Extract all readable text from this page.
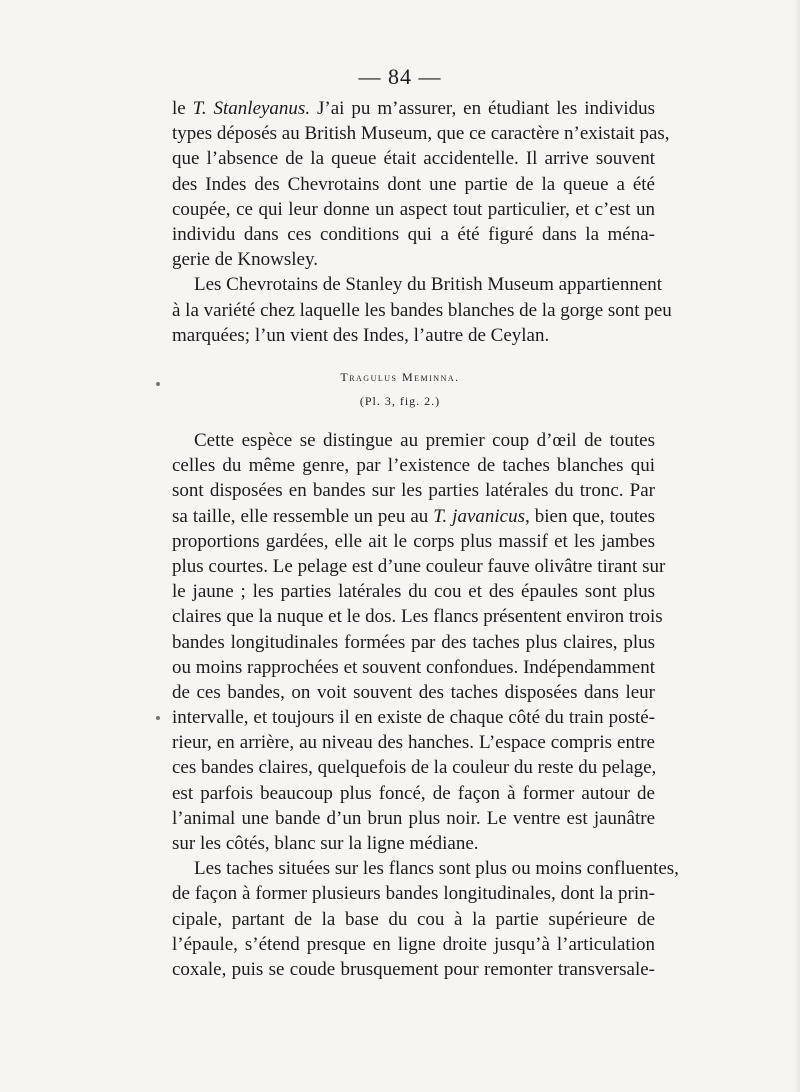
— 84 —
le T. Stanleyanus. J’ai pu m’assurer, en étudiant les individus
types déposés au British Museum, que ce caractère n’existait pas,
que l’absence de la queue était accidentelle. Il arrive souvent
des Indes des Chevrotains dont une partie de la queue a été
coupée, ce qui leur donne un aspect tout particulier, et c’est un
individu dans ces conditions qui a été figuré dans la ména-
gerie de Knowsley.
Les Chevrotains de Stanley du British Museum appartiennent
à la variété chez laquelle les bandes blanches de la gorge sont peu
marquées; l’un vient des Indes, l’autre de Ceylan.
Tragulus Meminna.
(Pl. 3, fig. 2.)
Cette espèce se distingue au premier coup d’œil de toutes
celles du même genre, par l’existence de taches blanches qui
sont disposées en bandes sur les parties latérales du tronc. Par
sa taille, elle ressemble un peu au T. javanicus, bien que, toutes
proportions gardées, elle ait le corps plus massif et les jambes
plus courtes. Le pelage est d’une couleur fauve olivâtre tirant sur
le jaune ; les parties latérales du cou et des épaules sont plus
claires que la nuque et le dos. Les flancs présentent environ trois
bandes longitudinales formées par des taches plus claires, plus
ou moins rapprochées et souvent confondues. Indépendamment
de ces bandes, on voit souvent des taches disposées dans leur
intervalle, et toujours il en existe de chaque côté du train posté-
rieur, en arrière, au niveau des hanches. L’espace compris entre
ces bandes claires, quelquefois de la couleur du reste du pelage,
est parfois beaucoup plus foncé, de façon à former autour de
l’animal une bande d’un brun plus noir. Le ventre est jaunâtre
sur les côtés, blanc sur la ligne médiane.
Les taches situées sur les flancs sont plus ou moins confluentes,
de façon à former plusieurs bandes longitudinales, dont la prin-
cipale, partant de la base du cou à la partie supérieure de
l’épaule, s’étend presque en ligne droite jusqu’à l’articulation
coxale, puis se coude brusquement pour remonter transversale-
